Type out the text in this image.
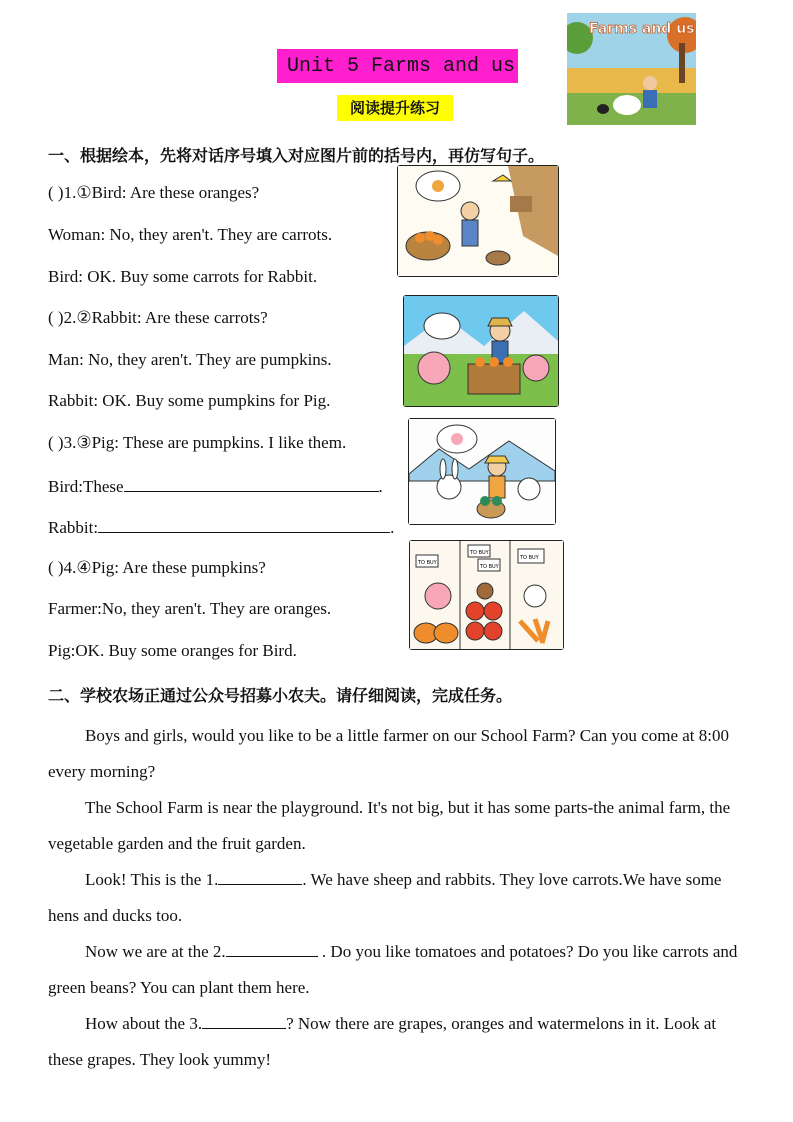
Unit 5 Farms and us
阅读提升练习
Farms and us
一、根据绘本，先将对话序号填入对应图片前的括号内，再仿写句子。
( )1.①Bird: Are these oranges?
Woman: No, they aren't. They are carrots.
Bird: OK. Buy some carrots for Rabbit.
( )2.②Rabbit: Are these carrots?
Man: No, they aren't. They are pumpkins.
Rabbit: OK. Buy some pumpkins for Pig.
( )3.③Pig: These are pumpkins. I like them.
Bird:These	.
Rabbit:	.
( )4.④Pig: Are these pumpkins?
Farmer:No, they aren't. They are oranges.
Pig:OK. Buy some oranges for Bird.
TO BUY
TO BUY
TO BUY
TO BUY
二、学校农场正通过公众号招募小农夫。请仔细阅读，完成任务。
Boys and girls, would you like to be a little farmer on our School Farm? Can you come at 8:00 every morning?
The School Farm is near the playground. It's not big, but it has some parts-the animal farm, the vegetable garden and the fruit garden.
Look! This is the 1.	. We have sheep and rabbits. They love carrots.We have some hens and ducks too.
Now we are at the 2.	. Do you like tomatoes and potatoes? Do you like carrots and green beans? You can plant them here.
How about the 3.	? Now there are grapes, oranges and watermelons in it. Look at these grapes. They look yummy!
